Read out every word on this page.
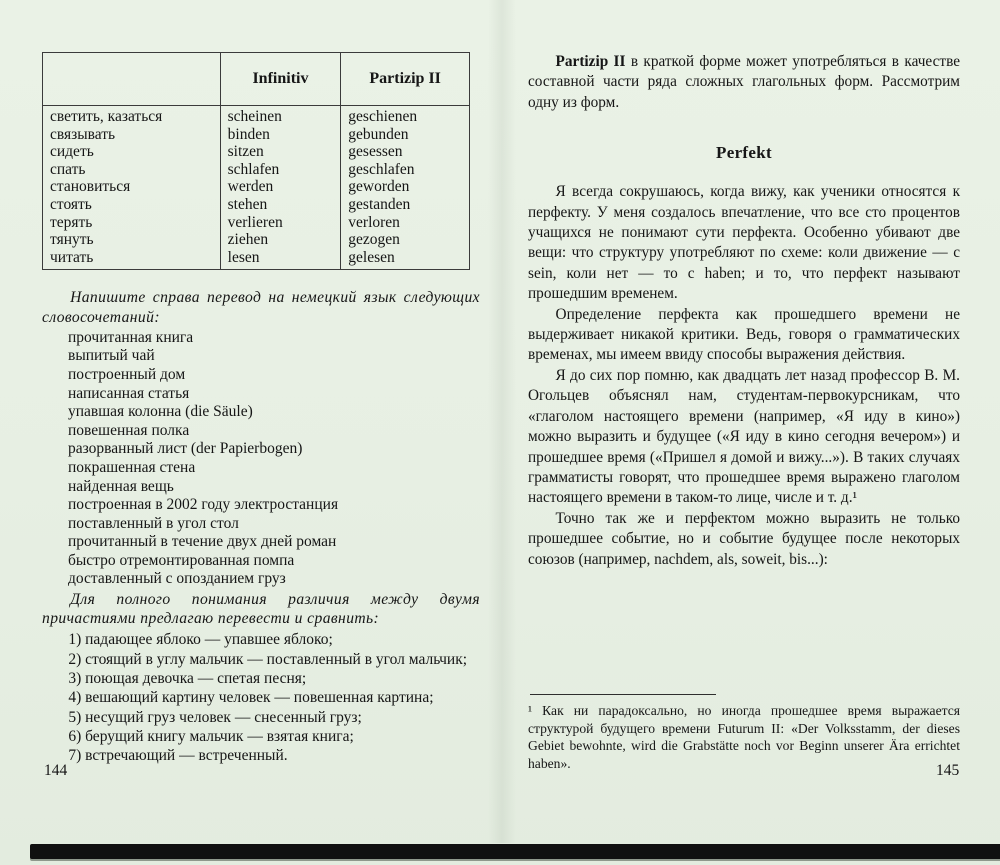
	Infinitiv	Partizip II
светить, казаться	scheinen	geschienen
связывать	binden	gebunden
сидеть	sitzen	gesessen
спать	schlafen	geschlafen
становиться	werden	geworden
стоять	stehen	gestanden
терять	verlieren	verloren
тянуть	ziehen	gezogen
читать	lesen	gelesen

Напишите справа перевод на немецкий язык следующих словосочетаний:

прочитанная книга
выпитый чай
построенный дом
написанная статья
упавшая колонна (die Säule)
повешенная полка
разорванный лист (der Papierbogen)
покрашенная стена
найденная вещь
построенная в 2002 году электростанция
поставленный в угол стол
прочитанный в течение двух дней роман
быстро отремонтированная помпа
доставленный с опозданием груз

Для полного понимания различия между двумя причастиями предлагаю перевести и сравнить:

1) падающее яблоко — упавшее яблоко;
2) стоящий в углу мальчик — поставленный в угол мальчик;
3) поющая девочка — спетая песня;
4) вешающий картину человек — повешенная картина;
5) несущий груз человек — снесенный груз;
6) берущий книгу мальчик — взятая книга;
7) встречающий — встреченный.

Partizip II в краткой форме может употребляться в качестве составной части ряда сложных глагольных форм. Рассмотрим одну из форм.

Perfekt

Я всегда сокрушаюсь, когда вижу, как ученики относятся к перфекту. У меня создалось впечатление, что все сто процентов учащихся не понимают сути перфекта. Особенно убивают две вещи: что структуру употребляют по схеме: коли движение — с sein, коли нет — то с haben; и то, что перфект называют прошедшим временем.

Определение перфекта как прошедшего времени не выдерживает никакой критики. Ведь, говоря о грамматических временах, мы имеем ввиду способы выражения действия.

Я до сих пор помню, как двадцать лет назад профессор В. М. Огольцев объяснял нам, студентам-первокурсникам, что «глаголом настоящего времени (например, «Я иду в кино») можно выразить и будущее («Я иду в кино сегодня вечером») и прошедшее время («Пришел я домой и вижу...»). В таких случаях грамматисты говорят, что прошедшее время выражено глаголом настоящего времени в таком-то лице, числе и т. д.¹

Точно так же и перфектом можно выразить не только прошедшее событие, но и событие будущее после некоторых союзов (например, nachdem, als, soweit, bis...):

¹ Как ни парадоксально, но иногда прошедшее время выражается структурой будущего времени Futurum II: «Der Volksstamm, der dieses Gebiet bewohnte, wird die Grabstätte noch vor Beginn unserer Ära errichtet haben».

144	145
